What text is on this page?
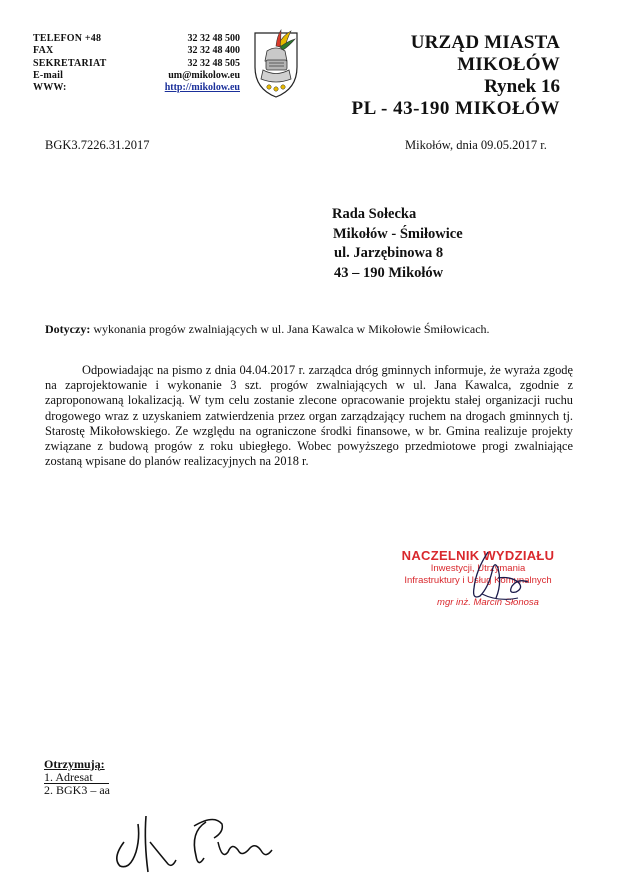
TELEFON +48
FAX
SEKRETARIAT
E-mail
WWW:
32 32 48 500
32 32 48 400
32 32 48 505
um@mikolow.eu
http://mikolow.eu
URZĄD MIASTA MIKOŁÓW
Rynek 16
PL - 43-190 MIKOŁÓW
BGK3.7226.31.2017	Mikołów, dnia 09.05.2017 r.
Rada Sołecka
Mikołów - Śmiłowice
ul. Jarzębinowa 8
43 – 190 Mikołów
Dotyczy: wykonania progów zwalniających w ul. Jana Kawalca w Mikołowie Śmiłowicach.
Odpowiadając na pismo z dnia 04.04.2017 r. zarządca dróg gminnych informuje, że wyraża zgodę na zaprojektowanie i wykonanie 3 szt. progów zwalniających w ul. Jana Kawalca, zgodnie z zaproponowaną lokalizacją. W tym celu zostanie zlecone opracowanie projektu stałej organizacji ruchu drogowego wraz z uzyskaniem zatwierdzenia przez organ zarządzający ruchem na drogach gminnych tj. Starostę Mikołowskiego. Ze względu na ograniczone środki finansowe, w br. Gmina realizuje projekty związane z budową progów z roku ubiegłego. Wobec powyższego przedmiotowe progi zwalniające zostaną wpisane do planów realizacyjnych na 2018 r.
NACZELNIK WYDZIAŁU
Inwestycji, Utrzymania
Infrastruktury i Usług Komunalnych
mgr inż. Marcin Słonosa
Otrzymują:
1. Adresat
2. BGK3 – aa
